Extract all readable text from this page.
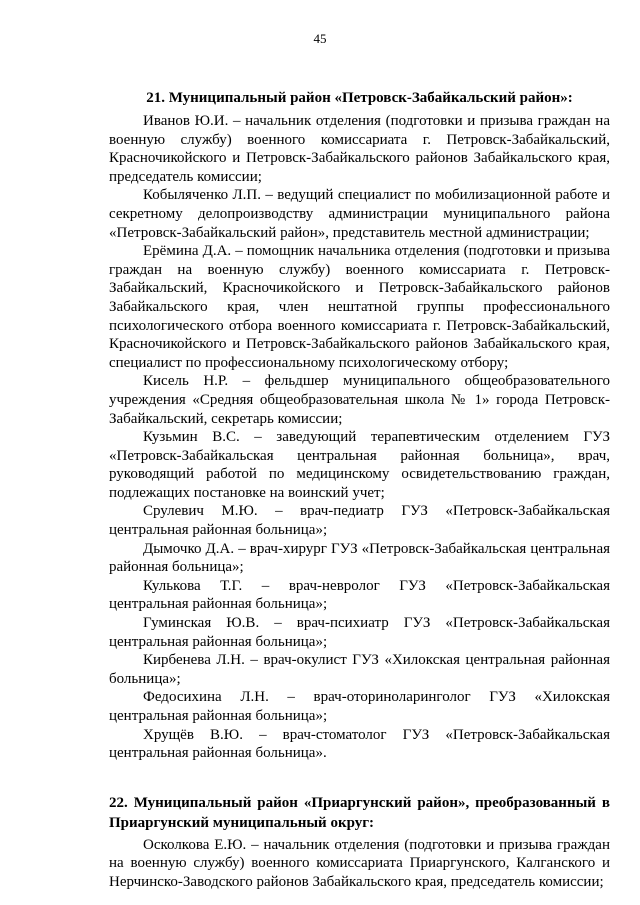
45
21. Муниципальный район «Петровск-Забайкальский район»:

Иванов Ю.И. – начальник отделения (подготовки и призыва граждан на военную службу) военного комиссариата г. Петровск-Забайкальский, Красночикойского и Петровск-Забайкальского районов Забайкальского края, председатель комиссии;

Кобыляченко Л.П. – ведущий специалист по мобилизационной работе и секретному делопроизводству администрации муниципального района «Петровск-Забайкальский район», представитель местной администрации;

Ерёмина Д.А. – помощник начальника отделения (подготовки и призыва граждан на военную службу) военного комиссариата г. Петровск-Забайкальский, Красночикойского и Петровск-Забайкальского районов Забайкальского края, член нештатной группы профессионального психологического отбора военного комиссариата г. Петровск-Забайкальский, Красночикойского и Петровск-Забайкальского районов Забайкальского края, специалист по профессиональному психологическому отбору;

Кисель Н.Р. – фельдшер муниципального общеобразовательного учреждения «Средняя общеобразовательная школа № 1» города Петровск-Забайкальский, секретарь комиссии;

Кузьмин В.С. – заведующий терапевтическим отделением ГУЗ «Петровск-Забайкальская центральная районная больница», врач, руководящий работой по медицинскому освидетельствованию граждан, подлежащих постановке на воинский учет;

Срулевич М.Ю. – врач-педиатр ГУЗ «Петровск-Забайкальская центральная районная больница»;

Дымочко Д.А. – врач-хирург ГУЗ «Петровск-Забайкальская центральная районная больница»;

Кулькова Т.Г. – врач-невролог ГУЗ «Петровск-Забайкальская центральная районная больница»;

Гуминская Ю.В. – врач-психиатр ГУЗ «Петровск-Забайкальская центральная районная больница»;

Кирбенева Л.Н. – врач-окулист ГУЗ «Хилокская центральная районная больница»;

Федосихина Л.Н. – врач-оториноларинголог ГУЗ «Хилокская центральная районная больница»;

Хрущёв В.Ю. – врач-стоматолог ГУЗ «Петровск-Забайкальская центральная районная больница».

22. Муниципальный район «Приаргунский район», преобразованный в Приаргунский муниципальный округ:

Осколкова Е.Ю. – начальник отделения (подготовки и призыва граждан на военную службу) военного комиссариата Приаргунского, Калганского и Нерчинско-Заводского районов Забайкальского края, председатель комиссии;
